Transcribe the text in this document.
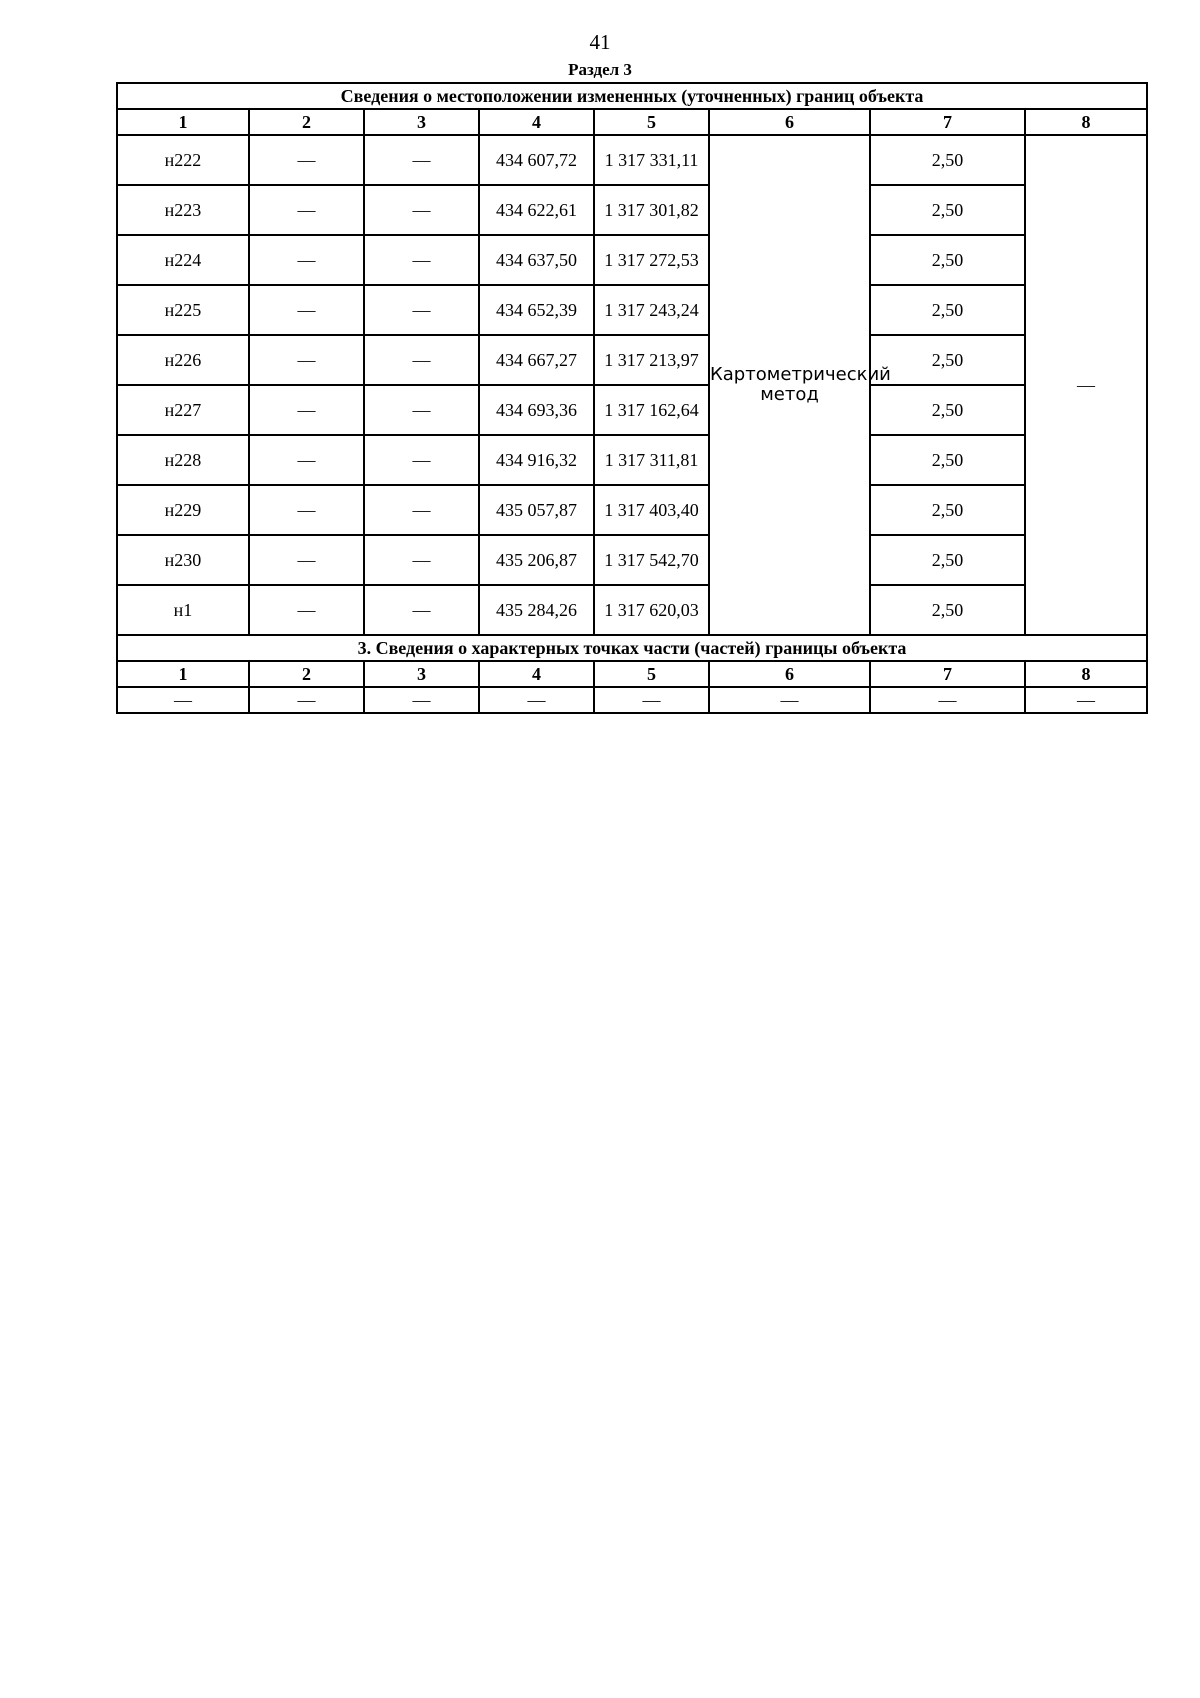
41
Раздел 3
Сведения о местоположении измененных (уточненных) границ объекта							
1	2	3	4	5	6	7	8
н222	—	—	434 607,72	1 317 331,11	Картометрический метод	2,50	—
н223	—	—	434 622,61	1 317 301,82		2,50	
н224	—	—	434 637,50	1 317 272,53		2,50	
н225	—	—	434 652,39	1 317 243,24		2,50	
н226	—	—	434 667,27	1 317 213,97		2,50	
н227	—	—	434 693,36	1 317 162,64		2,50	
н228	—	—	434 916,32	1 317 311,81		2,50	
н229	—	—	435 057,87	1 317 403,40		2,50	
н230	—	—	435 206,87	1 317 542,70		2,50	
н1	—	—	435 284,26	1 317 620,03		2,50	
3. Сведения о характерных точках части (частей) границы объекта							
1	2	3	4	5	6	7	8
—	—	—	—	—	—	—	—
